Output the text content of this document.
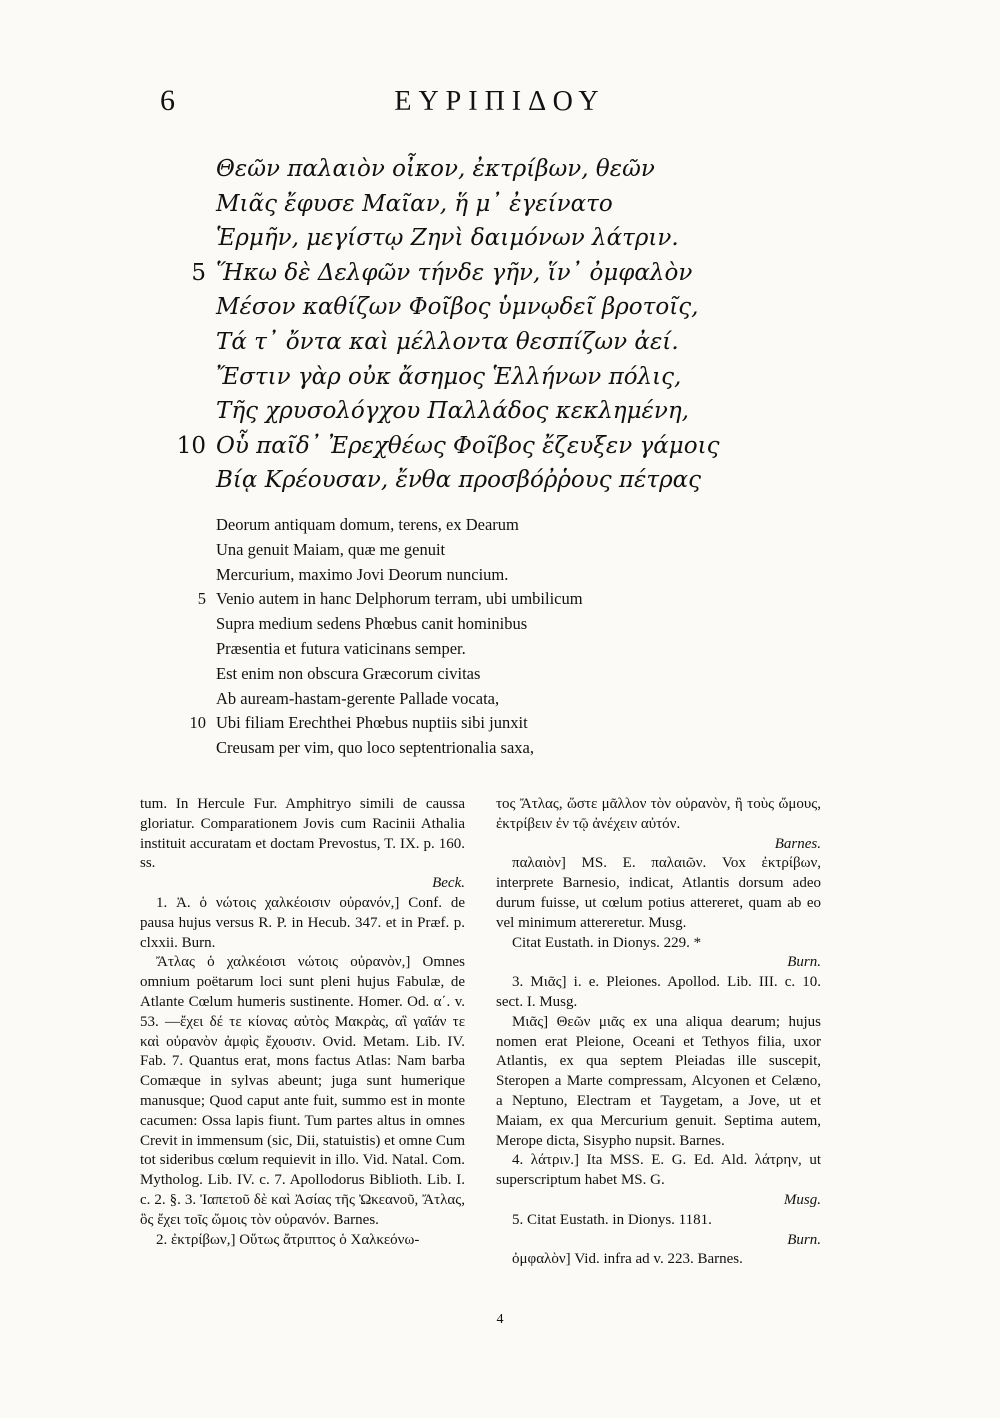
6	ΕΥΡΙΠΙΔΟΥ
Θεῶν παλαιὸν οἶκον, ἐκτρίβων, θεῶν
Μιᾶς ἔφυσε Μαῖαν, ἥ μ᾽ ἐγείνατο
Ἑρμῆν, μεγίστῳ Ζηνὶ δαιμόνων λάτριν.
5 Ἥκω δὲ Δελφῶν τήνδε γῆν, ἵν᾽ ὀμφαλὸν
Μέσον καθίζων Φοῖβος ὑμνῳδεῖ βροτοῖς,
Τά τ᾽ ὄντα καὶ μέλλοντα θεσπίζων ἀεί.
Ἔστιν γὰρ οὐκ ἄσημος Ἑλλήνων πόλις,
Τῆς χρυσολόγχου Παλλάδος κεκλημένη,
10 Οὗ παῖδ᾽ Ἐρεχθέως Φοῖβος ἔζευξεν γάμοις
Βίᾳ Κρέουσαν, ἔνθα προσβόῤῥους πέτρας
Deorum antiquam domum, terens, ex Dearum
Una genuit Maiam, quæ me genuit
Mercurium, maximo Jovi Deorum nuncium.
5 Venio autem in hanc Delphorum terram, ubi umbilicum
Supra medium sedens Phœbus canit hominibus
Præsentia et futura vaticinans semper.
Est enim non obscura Græcorum civitas
Ab auream-hastam-gerente Pallade vocata,
10 Ubi filiam Erechthei Phœbus nuptiis sibi junxit
Creusam per vim, quo loco septentrionalia saxa,

tum. In Hercule Fur. Amphitryo simili de caussa gloriatur. Comparationem Jovis cum Racinii Athalia instituit accuratam et doctam Prevostus, T. IX. p. 160. ss.

Beck.

1. Ἀ. ὁ νώτοις χαλκέοισιν οὐρανόν,] Conf. de pausa hujus versus R. P. in Hecub. 347. et in Præf. p. clxxii. Burn.

Ἄτλας ὁ χαλκέοισι νώτοις οὐρανὸν,] Omnes omnium poëtarum loci sunt pleni hujus Fabulæ, de Atlante Cœlum humeris sustinente. Homer. Od. α΄. v. 53. —ἔχει δέ τε κίονας αὐτὸς Μακρὰς, αἳ γαῖάν τε καὶ οὐρανὸν ἀμφὶς ἔχουσιν. Ovid. Metam. Lib. IV. Fab. 7. Quantus erat, mons factus Atlas: Nam barba Comæque in sylvas abeunt; juga sunt humerique manusque; Quod caput ante fuit, summo est in monte cacumen: Ossa lapis fiunt. Tum partes altus in omnes Crevit in immensum (sic, Dii, statuistis) et omne Cum tot sideribus cœlum requievit in illo. Vid. Natal. Com. Mytholog. Lib. IV. c. 7. Apollodorus Biblioth. Lib. I. c. 2. §. 3. Ἰαπετοῦ δὲ καὶ Ἀσίας τῆς Ὠκεανοῦ, Ἄτλας, ὃς ἔχει τοῖς ὤμοις τὸν οὐρανόν. Barnes.

2. ἐκτρίβων,] Οὕτως ἄτριπτος ὁ Χαλκεόνω-

τος Ἄτλας, ὥστε μᾶλλον τὸν οὐρανὸν, ἢ τοὺς ὤμους, ἐκτρίβειν ἐν τῷ ἀνέχειν αὐτόν.

Barnes.

παλαιὸν] MS. E. παλαιῶν. Vox ἐκτρίβων, interprete Barnesio, indicat, Atlantis dorsum adeo durum fuisse, ut cœlum potius attereret, quam ab eo vel minimum attereretur. Musg.

Citat Eustath. in Dionys. 229. *

Burn.

3. Μιᾶς] i. e. Pleiones. Apollod. Lib. III. c. 10. sect. I. Musg.

Μιᾶς] Θεῶν μιᾶς ex una aliqua dearum; hujus nomen erat Pleione, Oceani et Tethyos filia, uxor Atlantis, ex qua septem Pleiadas ille suscepit, Steropen a Marte compressam, Alcyonen et Celæno, a Neptuno, Electram et Taygetam, a Jove, ut et Maiam, ex qua Mercurium genuit. Septima autem, Merope dicta, Sisypho nupsit. Barnes.

4. λάτριν.] Ita MSS. E. G. Ed. Ald. λάτρην, ut superscriptum habet MS. G.

Musg.

5. Citat Eustath. in Dionys. 1181.

Burn.

ὀμφαλὸν] Vid. infra ad v. 223. Barnes.

4
